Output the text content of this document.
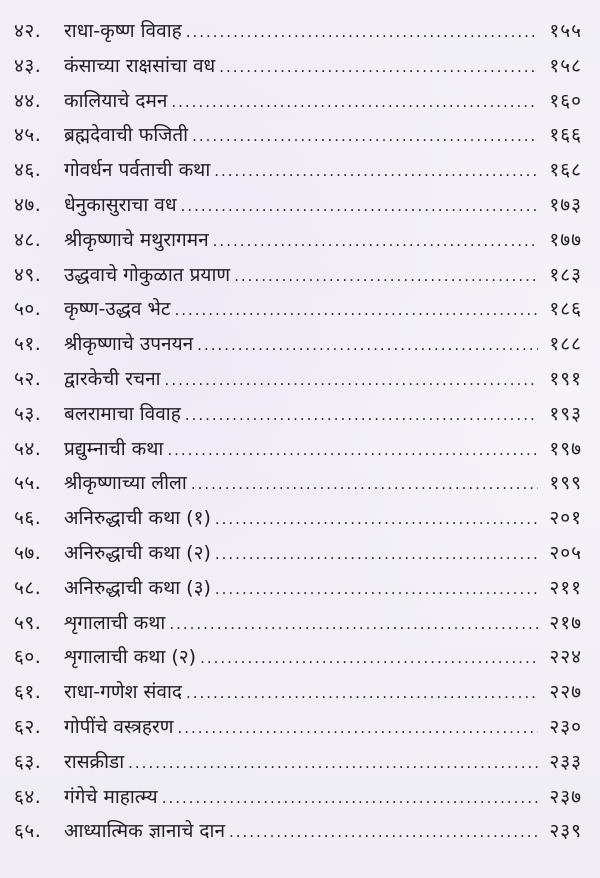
४२.	राधा-कृष्ण विवाह .....	१५५
४३.	कंसाच्या राक्षसांचा वध .....	१५८
४४.	कालियाचे दमन .....	१६०
४५.	ब्रह्मदेवाची फजिती .....	१६६
४६.	गोवर्धन पर्वताची कथा .....	१६८
४७.	धेनुकासुराचा वध .....	१७३
४८.	श्रीकृष्णाचे मथुरागमन .....	१७७
४९.	उद्धवाचे गोकुळात प्रयाण .....	१८३
५०.	कृष्ण-उद्धव भेट .....	१८६
५१.	श्रीकृष्णाचे उपनयन .....	१८८
५२.	द्वारकेची रचना .....	१९१
५३.	बलरामाचा विवाह .....	१९३
५४.	प्रद्युम्नाची कथा .....	१९७
५५.	श्रीकृष्णाच्या लीला .....	१९९
५६.	अनिरुद्धाची कथा (१) .....	२०१
५७.	अनिरुद्धाची कथा (२) .....	२०५
५८.	अनिरुद्धाची कथा (३) .....	२११
५९.	शृगालाची कथा .....	२१७
६०.	शृगालाची कथा (२) .....	२२४
६१.	राधा-गणेश संवाद .....	२२७
६२.	गोपींचे वस्त्रहरण .....	२३०
६३.	रासक्रीडा .....	२३३
६४.	गंगेचे माहात्म्य .....	२३७
६५.	आध्यात्मिक ज्ञानाचे दान .....	२३९
